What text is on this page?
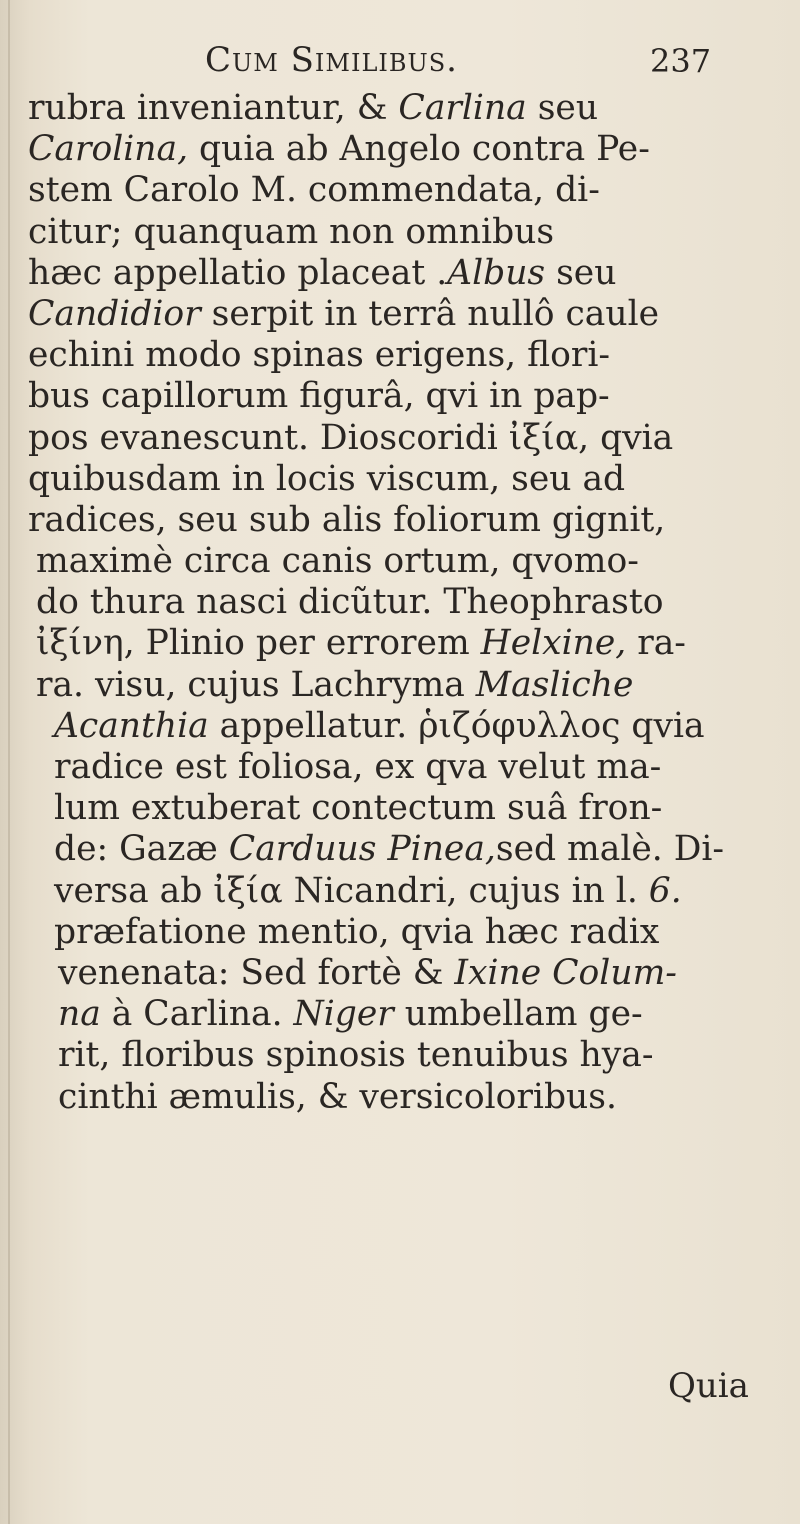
Cum Similibus.	237
rubra inveniantur, & Carlina seu
Carolina, quia ab Angelo contra Pe-
stem Carolo M. commendata, di-
citur; quanquam non omnibus
hæc appellatio placeat .Albus seu
Candidior serpit in terrâ nullô caule
echini modo spinas erigens, flori-
bus capillorum figurâ, qvi in pap-
pos evanescunt. Dioscoridi ἰξία, qvia
quibusdam in locis viscum, seu ad
radices, seu sub alis foliorum gignit,
maximè circa canis ortum, qvomo-
do thura nasci dicũtur. Theophrasto
ἰξίνη, Plinio per errorem Helxine, ra-
ra. visu, cujus Lachryma Masliche
Acanthia appellatur. ῥιζόφυλλος qvia
radice est foliosa, ex qva velut ma-
lum extuberat contectum suâ fron-
de: Gazæ Carduus Pinea,sed malè. Di-
versa ab ἰξία Nicandri, cujus in l. 6.
præfatione mentio, qvia hæc radix
venenata: Sed fortè & Ixine Colum-
na à Carlina. Niger umbellam ge-
rit, floribus spinosis tenuibus hya-
cinthi æmulis, & versicoloribus.
Quia
